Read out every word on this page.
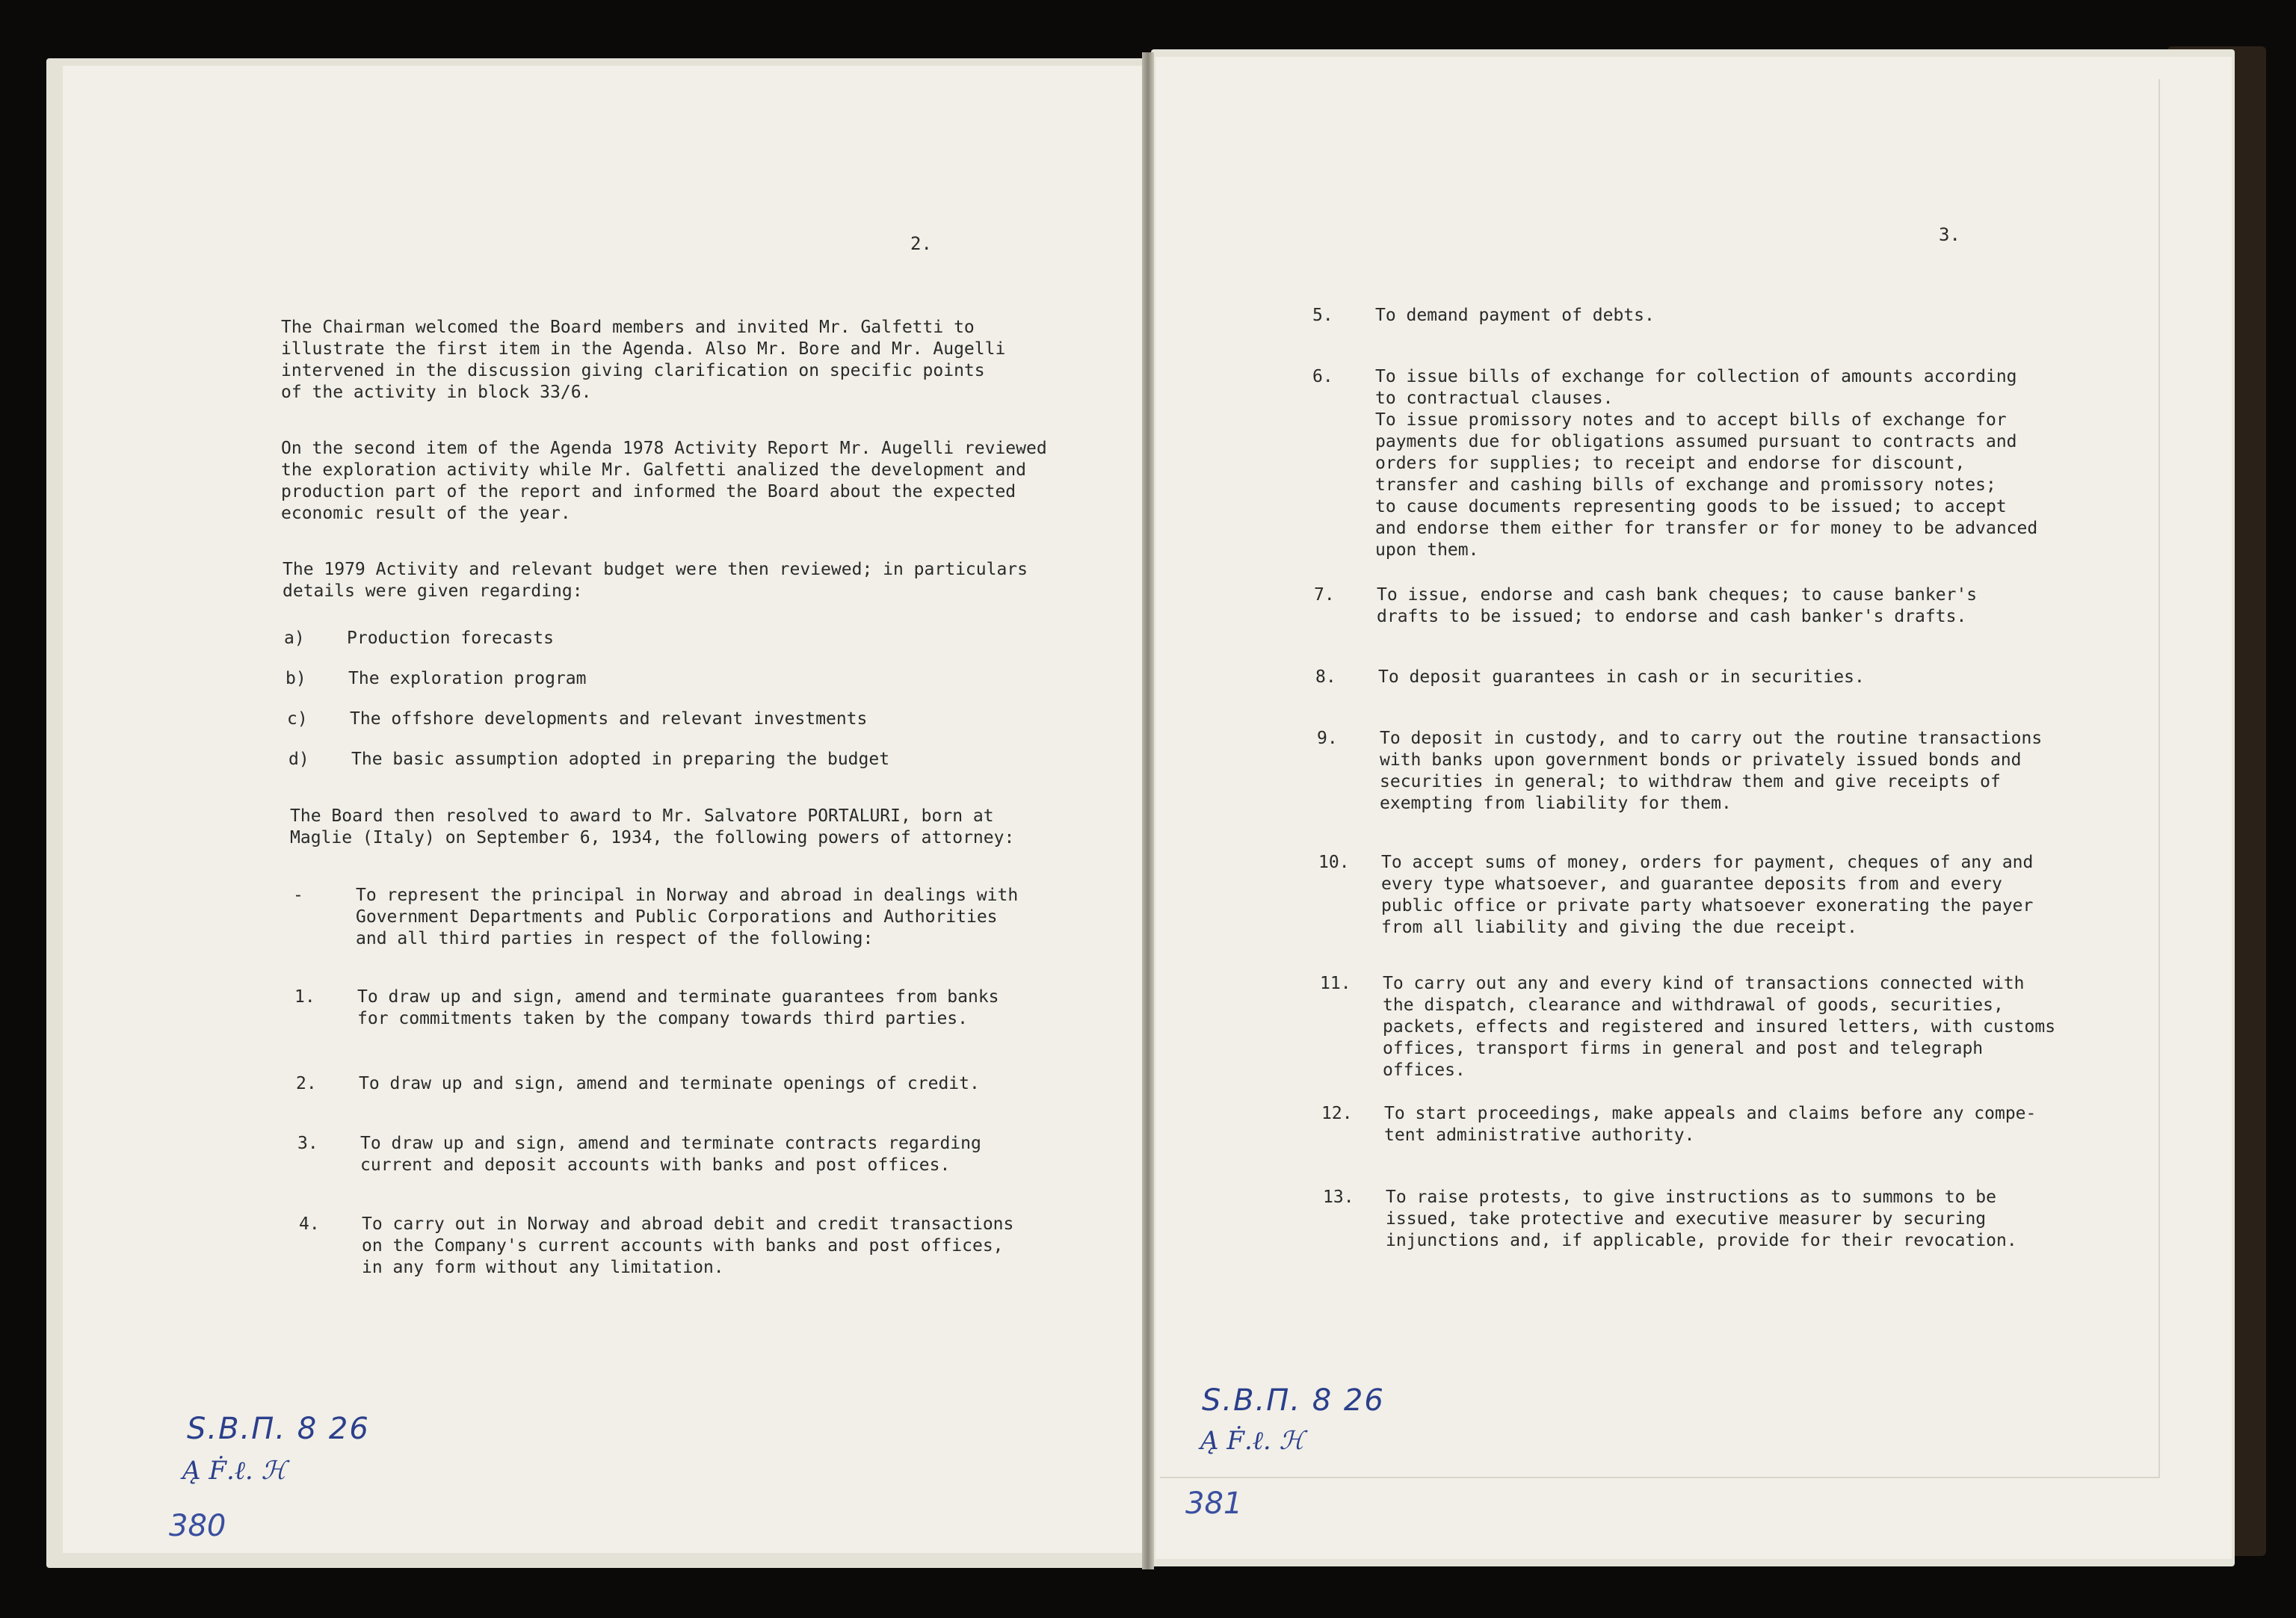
2.
The Chairman welcomed the Board members and invited Mr. Galfetti to
illustrate the first item in the Agenda. Also Mr. Bore and Mr. Augelli
intervened in the discussion giving clarification on specific points
of the activity in block 33/6.
On the second item of the Agenda 1978 Activity Report Mr. Augelli reviewed
the exploration activity while Mr. Galfetti analized the development and
production part of the report and informed the Board about the expected
economic result of the year.
The 1979 Activity and relevant budget were then reviewed; in particulars
details were given regarding:
a) Production forecasts
b) The exploration program
c) The offshore developments and relevant investments
d) The basic assumption adopted in preparing the budget
The Board then resolved to award to Mr. Salvatore PORTALURI, born at
Maglie (Italy) on September 6, 1934, the following powers of attorney:
-	To represent the principal in Norway and abroad in dealings with
Government Departments and Public Corporations and Authorities
and all third parties in respect of the following:
1. To draw up and sign, amend and terminate guarantees from banks
for commitments taken by the company towards third parties.
2. To draw up and sign, amend and terminate openings of credit.
3. To draw up and sign, amend and terminate contracts regarding
current and deposit accounts with banks and post offices.
4. To carry out in Norway and abroad debit and credit transactions
on the Company's current accounts with banks and post offices,
in any form without any limitation.
S.B.П. 8 26
Ą Ḟ.ℓ. ℋ
380
3.
5. To demand payment of debts.
6. To issue bills of exchange for collection of amounts according
to contractual clauses.
To issue promissory notes and to accept bills of exchange for
payments due for obligations assumed pursuant to contracts and
orders for supplies; to receipt and endorse for discount,
transfer and cashing bills of exchange and promissory notes;
to cause documents representing goods to be issued; to accept
and endorse them either for transfer or for money to be advanced
upon them.
7. To issue, endorse and cash bank cheques; to cause banker's
drafts to be issued; to endorse and cash banker's drafts.
8. To deposit guarantees in cash or in securities.
9. To deposit in custody, and to carry out the routine transactions
with banks upon government bonds or privately issued bonds and
securities in general; to withdraw them and give receipts of
exempting from liability for them.
10. To accept sums of money, orders for payment, cheques of any and
every type whatsoever, and guarantee deposits from and every
public office or private party whatsoever exonerating the payer
from all liability and giving the due receipt.
11. To carry out any and every kind of transactions connected with
the dispatch, clearance and withdrawal of goods, securities,
packets, effects and registered and insured letters, with customs
offices, transport firms in general and post and telegraph
offices.
12. To start proceedings, make appeals and claims before any compe-
tent administrative authority.
13. To raise protests, to give instructions as to summons to be
issued, take protective and executive measurer by securing
injunctions and, if applicable, provide for their revocation.
S.B.П. 8 26
Ą Ḟ.ℓ. ℋ
381
